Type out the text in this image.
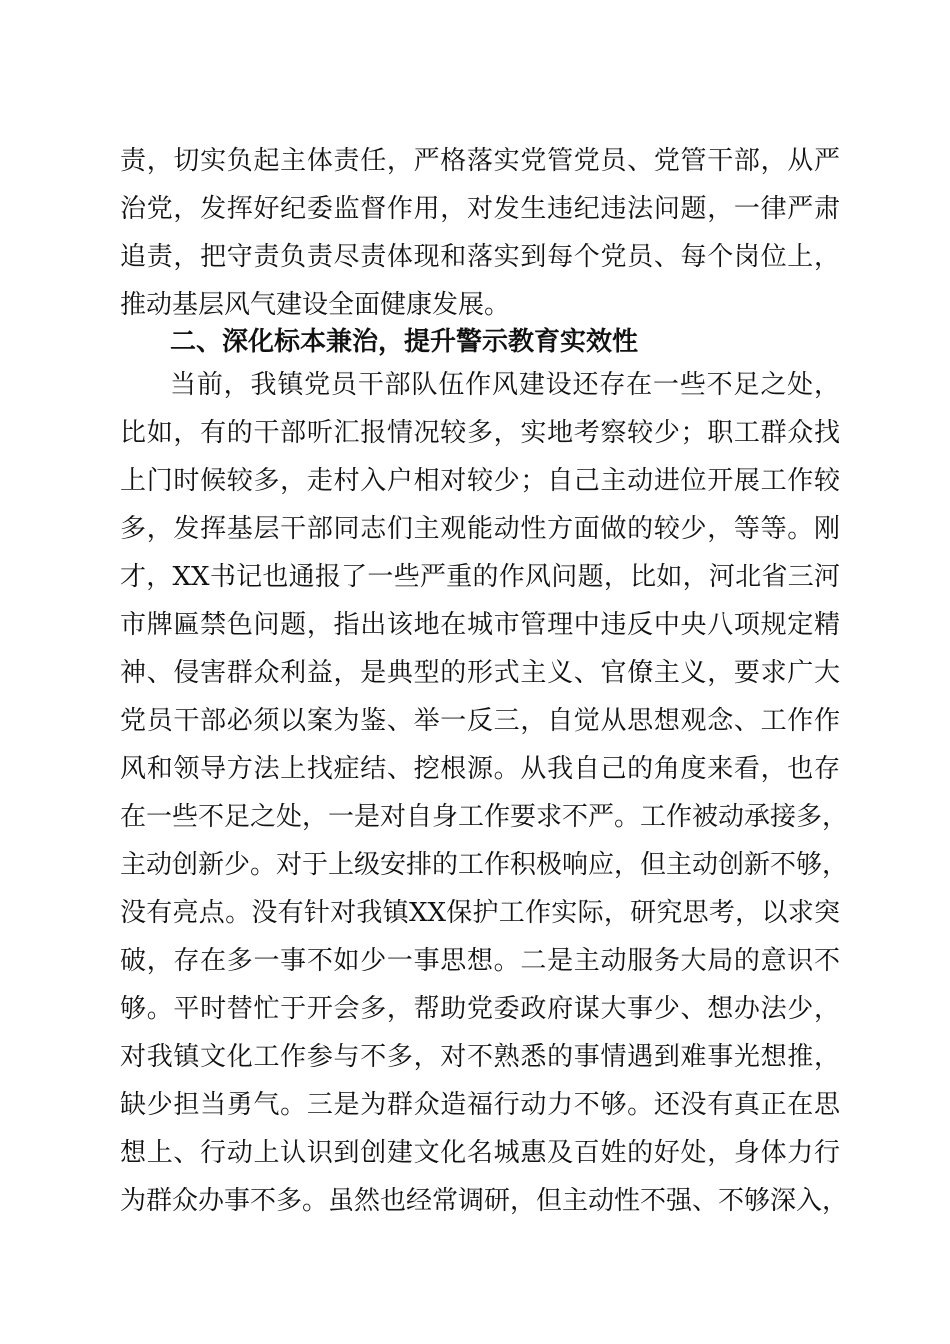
责，切实负起主体责任，严格落实党管党员、党管干部，从严
治党，发挥好纪委监督作用，对发生违纪违法问题，一律严肃
追责，把守责负责尽责体现和落实到每个党员、每个岗位上，
推动基层风气建设全面健康发展。
二、深化标本兼治，提升警示教育实效性
当前，我镇党员干部队伍作风建设还存在一些不足之处，
比如，有的干部听汇报情况较多，实地考察较少；职工群众找
上门时候较多，走村入户相对较少；自己主动进位开展工作较
多，发挥基层干部同志们主观能动性方面做的较少，等等。刚
才，XX书记也通报了一些严重的作风问题，比如，河北省三河
市牌匾禁色问题，指出该地在城市管理中违反中央八项规定精
神、侵害群众利益，是典型的形式主义、官僚主义，要求广大
党员干部必须以案为鉴、举一反三，自觉从思想观念、工作作
风和领导方法上找症结、挖根源。从我自己的角度来看，也存
在一些不足之处，一是对自身工作要求不严。工作被动承接多，
主动创新少。对于上级安排的工作积极响应，但主动创新不够，
没有亮点。没有针对我镇XX保护工作实际，研究思考，以求突
破，存在多一事不如少一事思想。二是主动服务大局的意识不
够。平时替忙于开会多，帮助党委政府谋大事少、想办法少，
对我镇文化工作参与不多，对不熟悉的事情遇到难事光想推，
缺少担当勇气。三是为群众造福行动力不够。还没有真正在思
想上、行动上认识到创建文化名城惠及百姓的好处，身体力行
为群众办事不多。虽然也经常调研，但主动性不强、不够深入，
